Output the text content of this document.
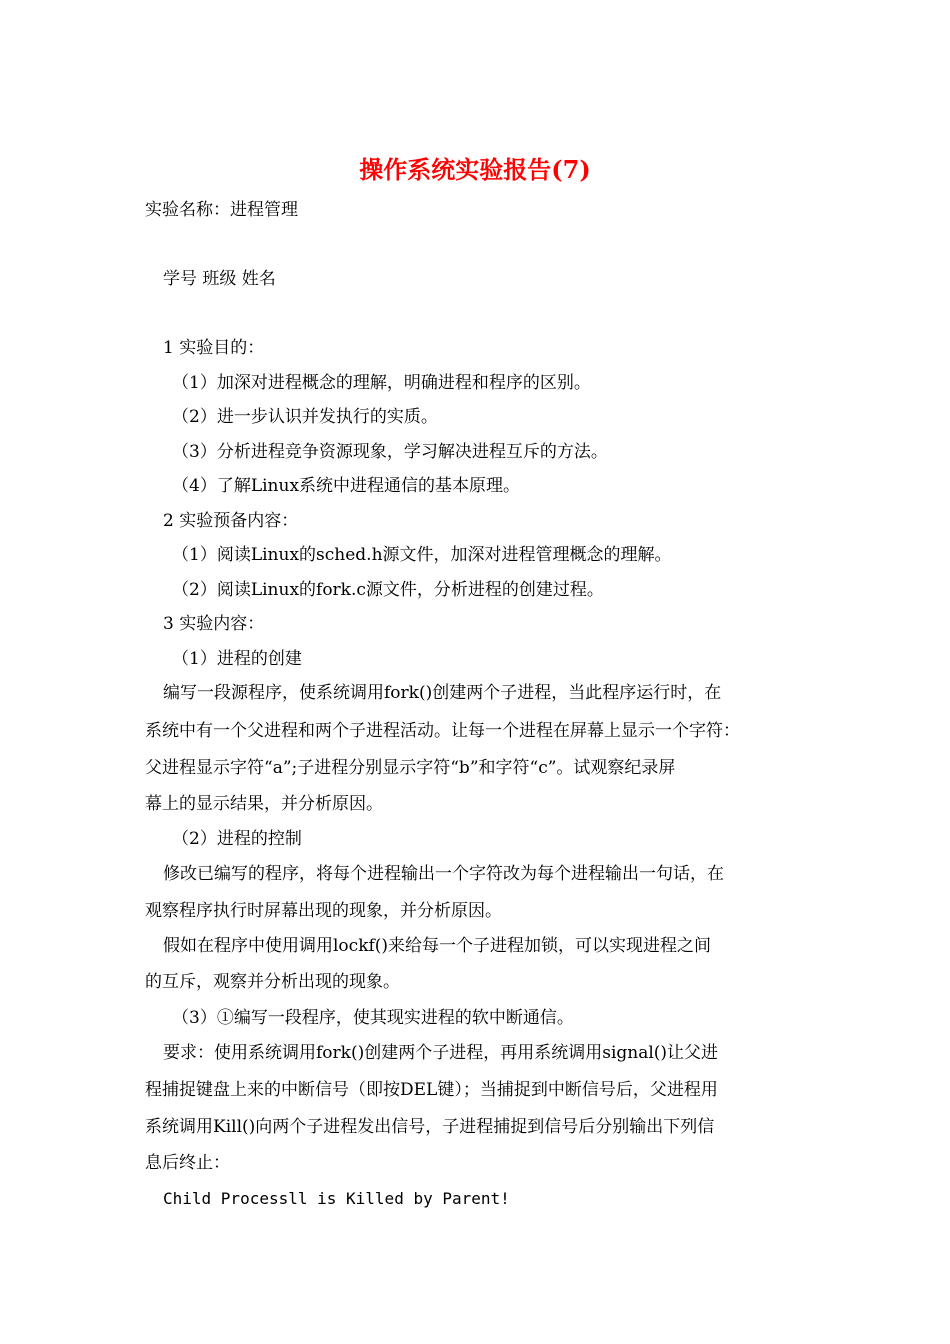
操作系统实验报告(7)
实验名称：进程管理
学号 班级 姓名
1 实验目的：
（1）加深对进程概念的理解，明确进程和程序的区别。
（2）进一步认识并发执行的实质。
（3）分析进程竞争资源现象，学习解决进程互斥的方法。
（4）了解Linux系统中进程通信的基本原理。
2 实验预备内容：
（1）阅读Linux的sched.h源文件，加深对进程管理概念的理解。
（2）阅读Linux的fork.c源文件，分析进程的创建过程。
3 实验内容：
（1）进程的创建
编写一段源程序，使系统调用fork()创建两个子进程，当此程序运行时，在
系统中有一个父进程和两个子进程活动。让每一个进程在屏幕上显示一个字符：
父进程显示字符“a”;子进程分别显示字符“b”和字符“c”。试观察纪录屏
幕上的显示结果，并分析原因。
（2）进程的控制
修改已编写的程序，将每个进程输出一个字符改为每个进程输出一句话，在
观察程序执行时屏幕出现的现象，并分析原因。
假如在程序中使用调用lockf()来给每一个子进程加锁，可以实现进程之间
的互斥，观察并分析出现的现象。
（3）①编写一段程序，使其现实进程的软中断通信。
要求：使用系统调用fork()创建两个子进程，再用系统调用signal()让父进
程捕捉键盘上来的中断信号（即按DEL键）；当捕捉到中断信号后，父进程用
系统调用Kill()向两个子进程发出信号，子进程捕捉到信号后分别输出下列信
息后终止：
Child Processll is Killed by Parent!
